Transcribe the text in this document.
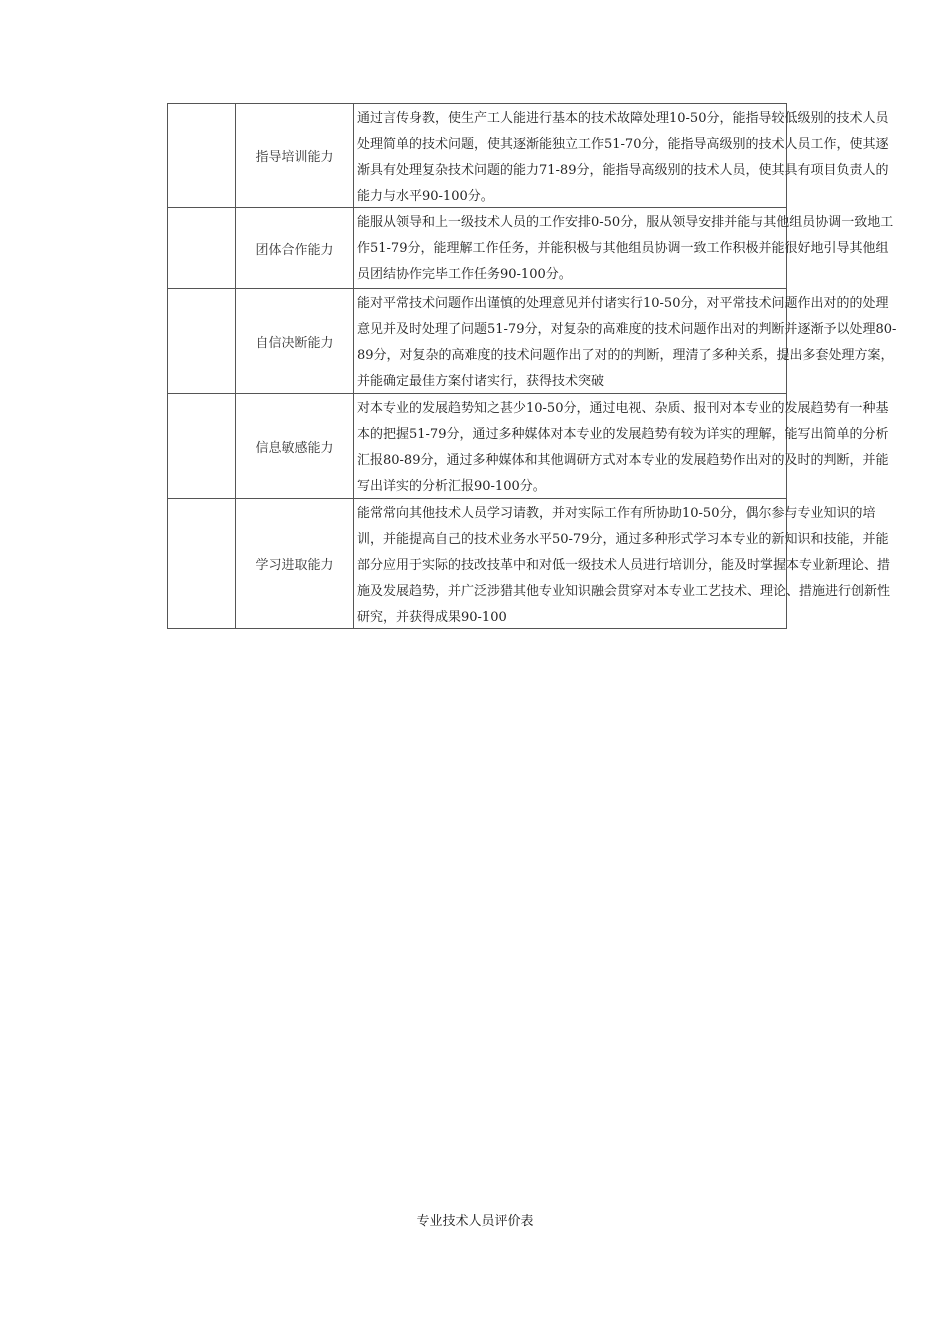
指导培训能力
通过言传身教，使生产工人能进行基本的技术故障处理10-50分，能指导较低级别的技术人员处理简单的技术问题，使其逐渐能独立工作51-70分，能指导高级别的技术人员工作，使其逐渐具有处理复杂技术问题的能力71-89分，能指导高级别的技术人员，使其具有项目负责人的能力与水平90-100分。
团体合作能力
能服从领导和上一级技术人员的工作安排0-50分，服从领导安排并能与其他组员协调一致地工作51-79分，能理解工作任务，并能积极与其他组员协调一致工作积极并能很好地引导其他组员团结协作完毕工作任务90-100分。
自信决断能力
能对平常技术问题作出谨慎的处理意见并付诸实行10-50分，对平常技术问题作出对的的处理意见并及时处理了问题51-79分，对复杂的高难度的技术问题作出对的判断并逐渐予以处理80-89分，对复杂的高难度的技术问题作出了对的的判断，理清了多种关系，提出多套处理方案，并能确定最佳方案付诸实行，获得技术突破
信息敏感能力
对本专业的发展趋势知之甚少10-50分，通过电视、杂质、报刊对本专业的发展趋势有一种基本的把握51-79分，通过多种媒体对本专业的发展趋势有较为详实的理解，能写出简单的分析汇报80-89分，通过多种媒体和其他调研方式对本专业的发展趋势作出对的及时的判断，并能写出详实的分析汇报90-100分。
学习进取能力
能常常向其他技术人员学习请教，并对实际工作有所协助10-50分，偶尔参与专业知识的培训，并能提高自己的技术业务水平50-79分，通过多种形式学习本专业的新知识和技能，并能部分应用于实际的技改技革中和对低一级技术人员进行培训分，能及时掌握本专业新理论、措施及发展趋势，并广泛涉猎其他专业知识融会贯穿对本专业工艺技术、理论、措施进行创新性研究，并获得成果90-100
专业技术人员评价表
